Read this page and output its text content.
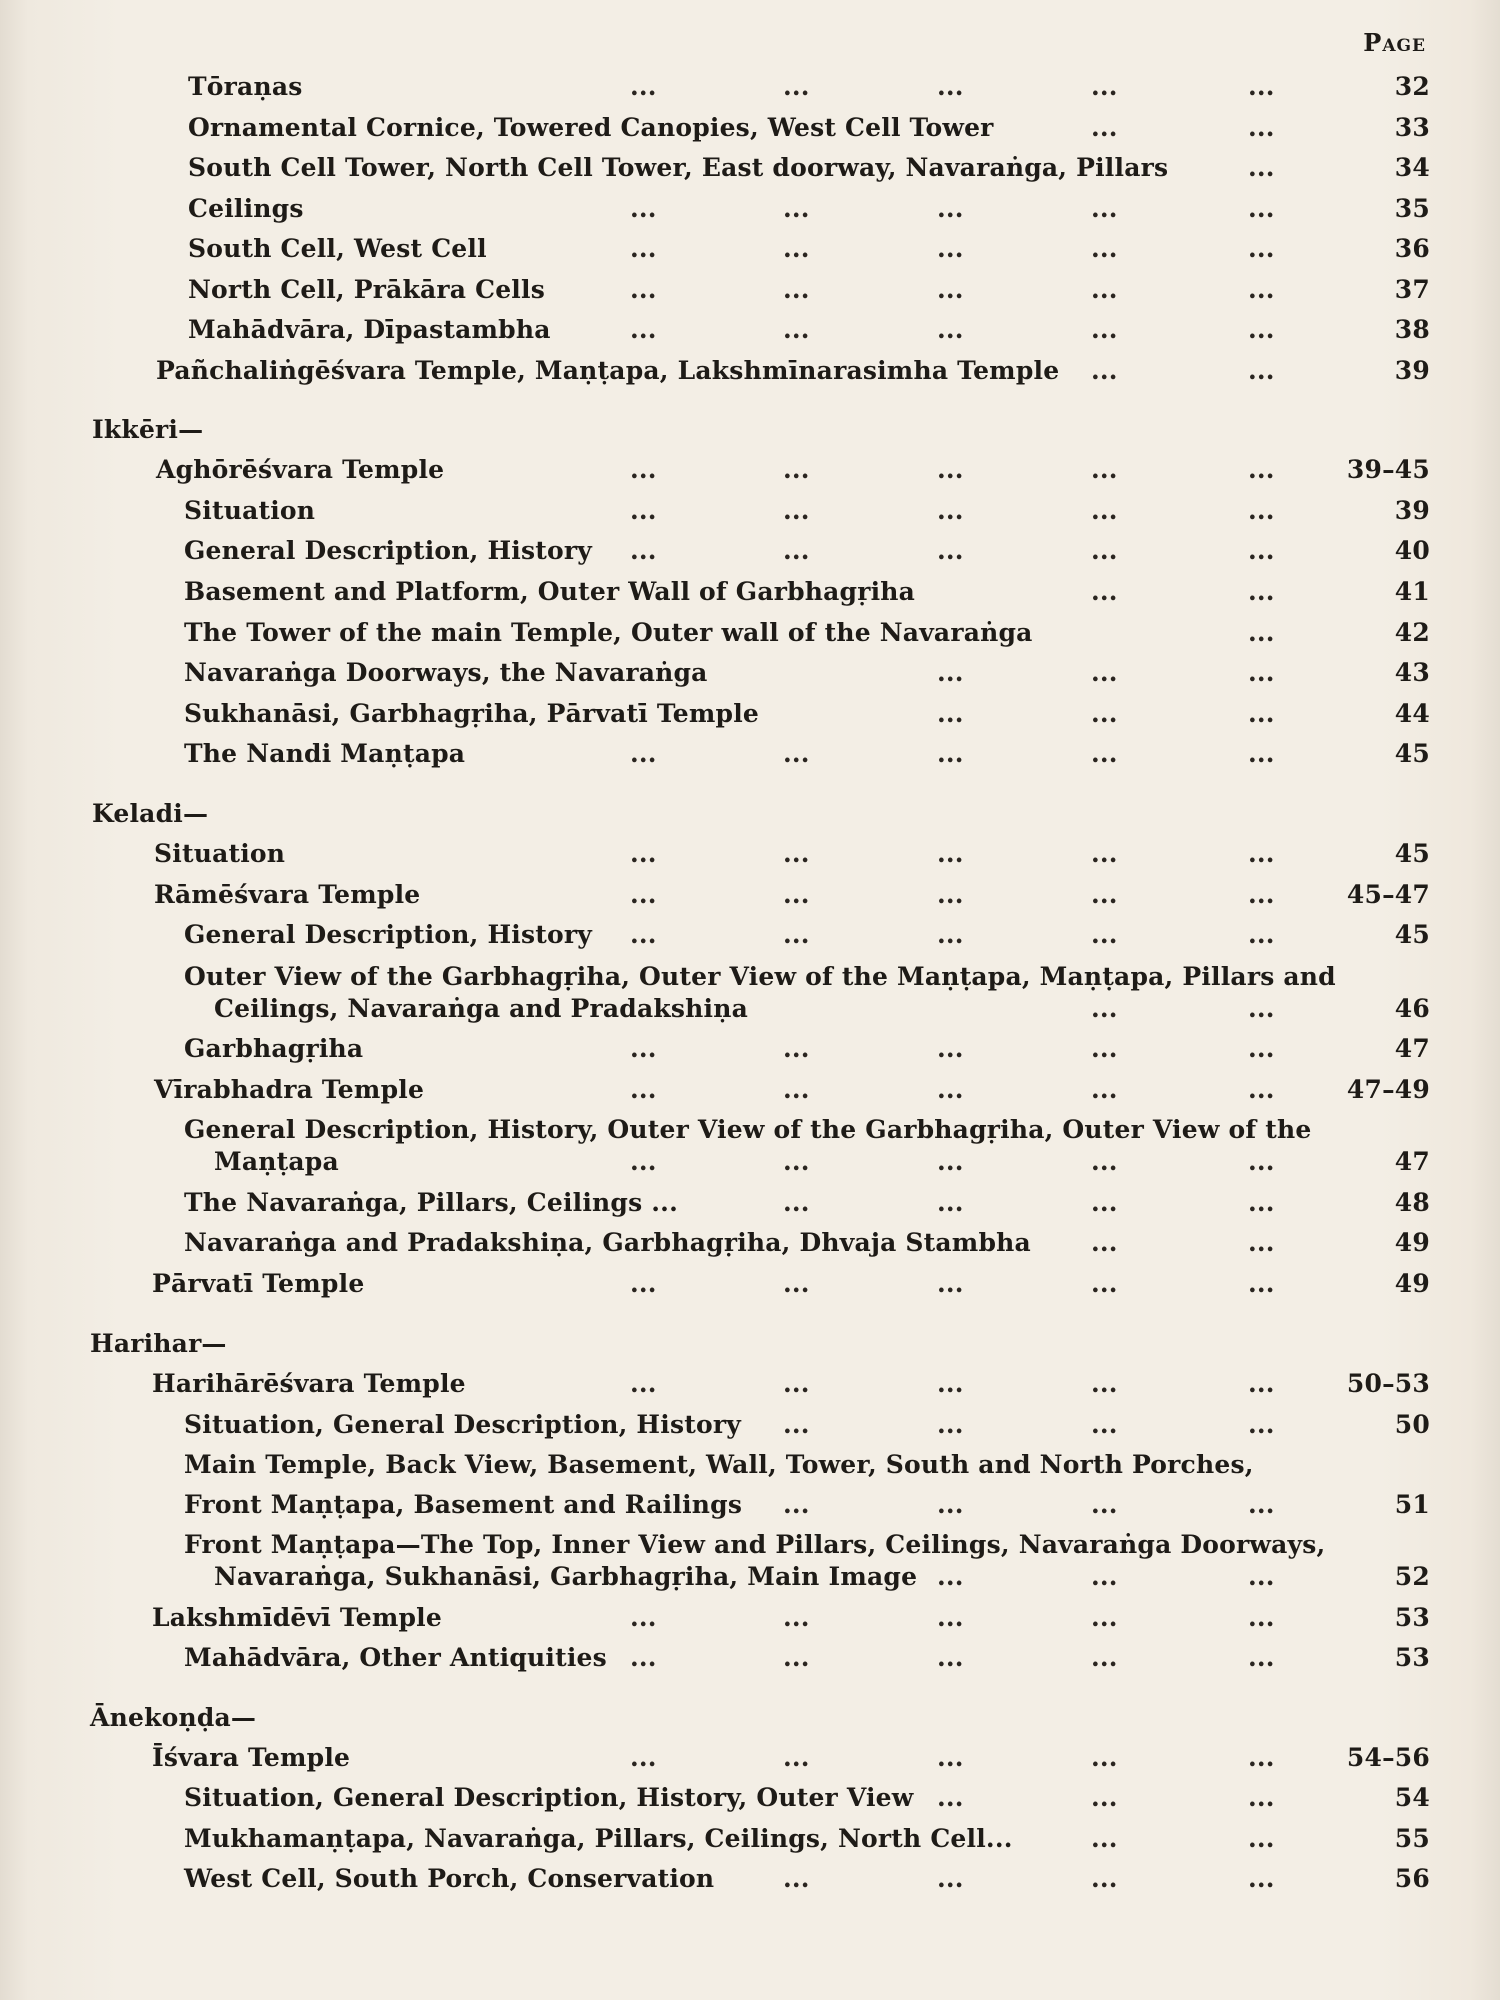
Page
Tōraṇas	...	...	...	...	...	32
Ornamental Cornice, Towered Canopies, West Cell Tower	...	...	33
South Cell Tower, North Cell Tower, East doorway, Navaraṅga, Pillars	...	34
Ceilings	...	...	...	...	...	35
South Cell, West Cell	...	...	...	...	...	36
North Cell, Prākāra Cells	...	...	...	...	...	37
Mahādvāra, Dīpastambha	...	...	...	...	...	38
Pañchaliṅgēśvara Temple, Maṇṭapa, Lakshmīnarasimha Temple ...	...	39
Ikkēri—
Aghōrēśvara Temple	...	...	...	...	...	39–45
Situation	...	...	...	...	...	39
General Description, History ...	...	...	...	...	40
Basement and Platform, Outer Wall of Garbhagṛiha	...	...	41
The Tower of the main Temple, Outer wall of the Navaraṅga	...	42
Navaraṅga Doorways, the Navaraṅga	...	...	...	43
Sukhanāsi, Garbhagṛiha, Pārvatī Temple	...	...	...	44
The Nandi Maṇṭapa	...	...	...	...	...	45
Keladi—
Situation	...	...	...	...	...	45
Rāmēśvara Temple	...	...	...	...	...	45–47
General Description, History ...	...	...	...	...	45
Outer View of the Garbhagṛiha, Outer View of the Maṇṭapa, Maṇṭapa, Pillars and
Ceilings, Navaraṅga and Pradakshiṇa	...	...	46
Garbhagṛiha	...	...	...	...	...	47
Vīrabhadra Temple	...	...	...	...	...	47–49
General Description, History, Outer View of the Garbhagṛiha, Outer View of the
Maṇṭapa	...	...	...	...	...	47
The Navaraṅga, Pillars, Ceilings ...	...	...	...	...	48
Navaraṅga and Pradakshiṇa, Garbhagṛiha, Dhvaja Stambha ...	...	49
Pārvatī Temple	...	...	...	...	...	49
Harihar—
Harihārēśvara Temple	...	...	...	...	...	50–53
Situation, General Description, History ...	...	...	...	50
Main Temple, Back View, Basement, Wall, Tower, South and North Porches,
Front Maṇṭapa, Basement and Railings ...	...	...	...	51
Front Maṇṭapa—The Top, Inner View and Pillars, Ceilings, Navaraṅga Doorways,
Navaraṅga, Sukhanāsi, Garbhagṛiha, Main Image ...	...	...	52
Lakshmīdēvī Temple	...	...	...	...	...	53
Mahādvāra, Other Antiquities ...	...	...	...	...	53
Ānekoṇḍa—
Īśvara Temple	...	...	...	...	...	54–56
Situation, General Description, History, Outer View ...	...	...	54
Mukhamaṇṭapa, Navaraṅga, Pillars, Ceilings, North Cell...	...	...	55
West Cell, South Porch, Conservation	...	...	...	...	56
